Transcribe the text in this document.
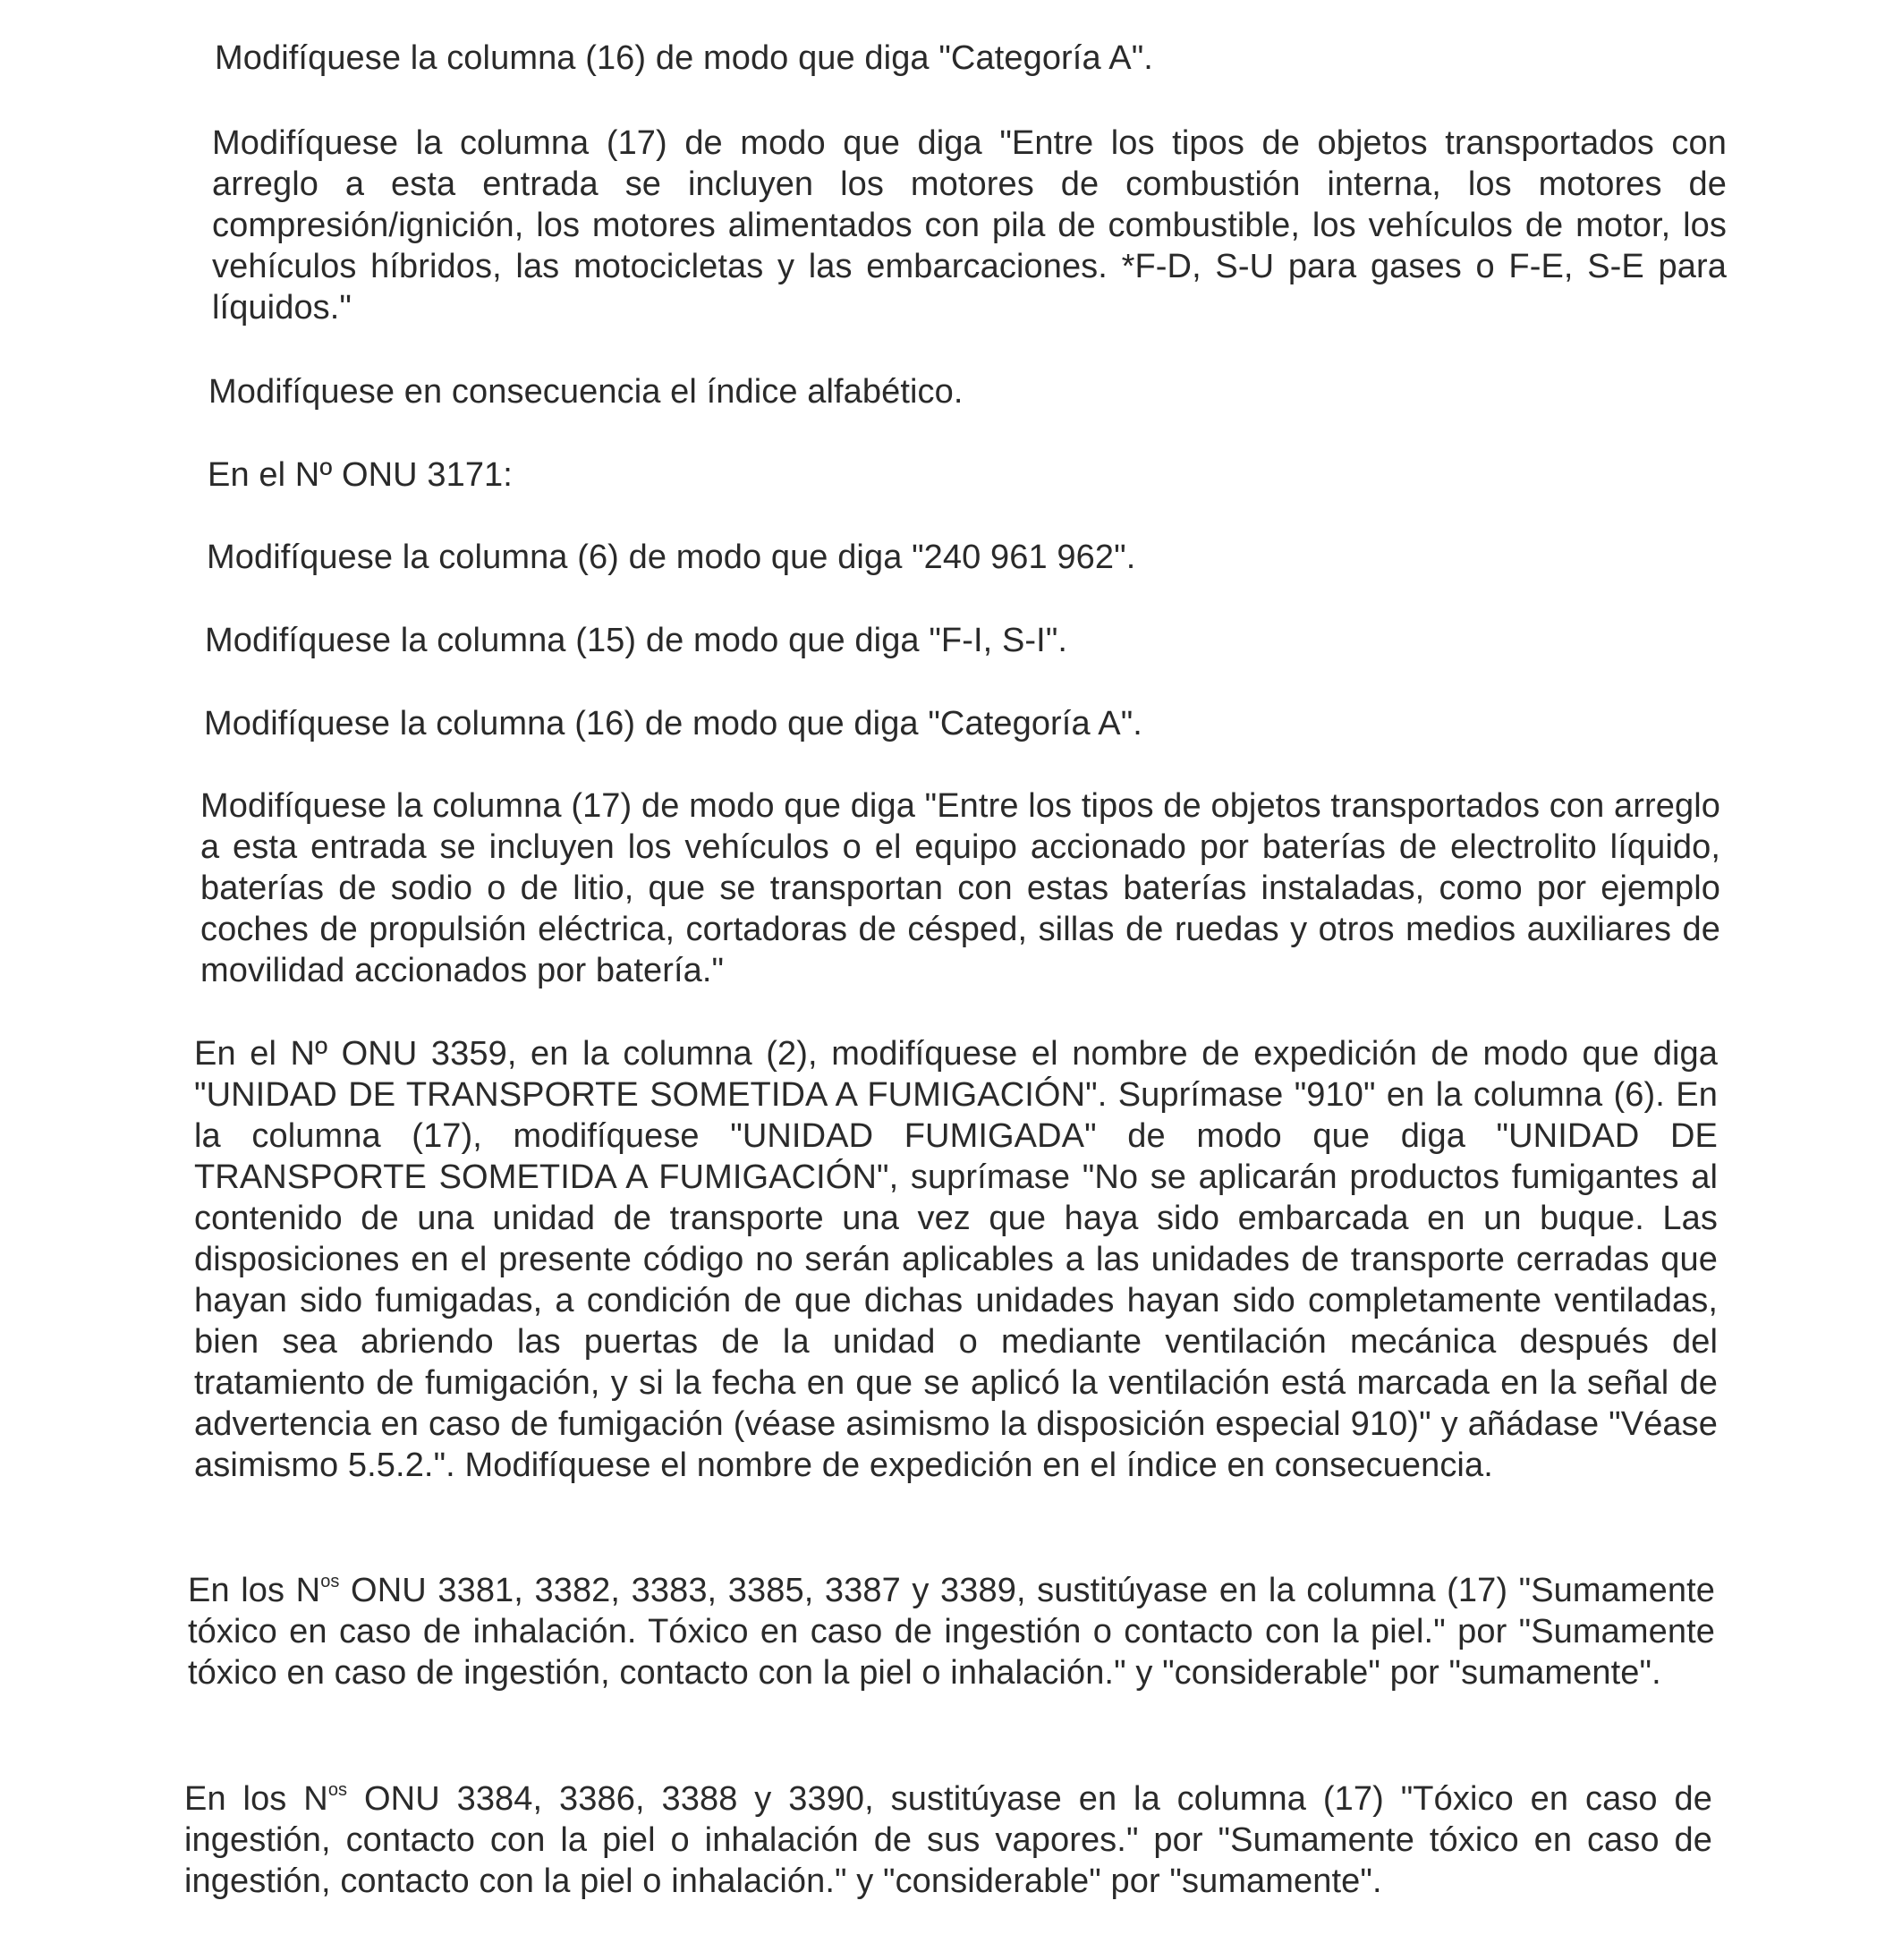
Modifíquese la columna (16) de modo que diga "Categoría A".

Modifíquese la columna (17) de modo que diga "Entre los tipos de objetos transportados con arreglo a esta entrada se incluyen los motores de combustión interna, los motores de compresión/ignición, los motores alimentados con pila de combustible, los vehículos de motor, los vehículos híbridos, las motocicletas y las embarcaciones. *F-D, S-U para gases o F-E, S-E para líquidos."

Modifíquese en consecuencia el índice alfabético.

En el Nº ONU 3171:

Modifíquese la columna (6) de modo que diga "240 961 962".

Modifíquese la columna (15) de modo que diga "F-I, S-I".

Modifíquese la columna (16) de modo que diga "Categoría A".

Modifíquese la columna (17) de modo que diga "Entre los tipos de objetos transportados con arreglo a esta entrada se incluyen los vehículos o el equipo accionado por baterías de electrolito líquido, baterías de sodio o de litio, que se transportan con estas baterías instaladas, como por ejemplo coches de propulsión eléctrica, cortadoras de césped, sillas de ruedas y otros medios auxiliares de movilidad accionados por batería."

En el Nº ONU 3359, en la columna (2), modifíquese el nombre de expedición de modo que diga "UNIDAD DE TRANSPORTE SOMETIDA A FUMIGACIÓN". Suprímase "910" en la columna (6). En la columna (17), modifíquese "UNIDAD FUMIGADA" de modo que diga "UNIDAD DE TRANSPORTE SOMETIDA A FUMIGACIÓN", suprímase "No se aplicarán productos fumigantes al contenido de una unidad de transporte una vez que haya sido embarcada en un buque. Las disposiciones en el presente código no serán aplicables a las unidades de transporte cerradas que hayan sido fumigadas, a condición de que dichas unidades hayan sido completamente ventiladas, bien sea abriendo las puertas de la unidad o mediante ventilación mecánica después del tratamiento de fumigación, y si la fecha en que se aplicó la ventilación está marcada en la señal de advertencia en caso de fumigación (véase asimismo la disposición especial 910)" y añádase "Véase asimismo 5.5.2.". Modifíquese el nombre de expedición en el índice en consecuencia.

En los $N^{os}$ ONU 3381, 3382, 3383, 3385, 3387 y 3389, sustitúyase en la columna (17) "Sumamente tóxico en caso de inhalación. Tóxico en caso de ingestión o contacto con la piel." por "Sumamente tóxico en caso de ingestión, contacto con la piel o inhalación." y "considerable" por "sumamente".

En los $N^{os}$ ONU 3384, 3386, 3388 y 3390, sustitúyase en la columna (17) "Tóxico en caso de ingestión, contacto con la piel o inhalación de sus vapores." por "Sumamente tóxico en caso de ingestión, contacto con la piel o inhalación." y "considerable" por "sumamente".
